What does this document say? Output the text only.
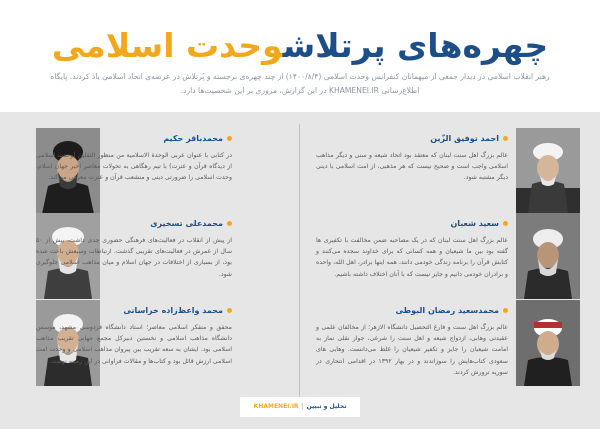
چهره‌های پرتلاشوحدت اسلامی
رهبر انقلاب اسلامی در دیدار جمعی از میهمانان کنفرانس وحدت اسلامی (۱۴۰۰/۸/۴) از چند چهره‌ی برجسته و پُرتلاش در عرصه‌ی اتحاد اسلامی یاد کردند. پایگاه اطلاع‌رسانی KHAMENEI.IR در این گزارش، مروری بر این شخصیت‌ها دارد.
احمد توفیق الزّین
عالم بزرگ اهل سنت لبنان که معتقد بود اتحاد شیعه و سنی و دیگر مذاهب اسلامی واجب است و صحیح نیست که هر مذهبی، از امت اسلامی با دینی دیگر مشتبه شود.
محمدباقر حکیم
در کتابی با عنوان عربی الوحدة الاسلامیة من منظور الثقلین (وحدت اسلامی از دیدگاه قرآن و عترت) با تیم رهگاهی به تحولات معاصر اخیر جهان اسلام، وحدت اسلامی را ضرورتی دینی و منشعب قرآن و عترت معرفی می‌کند.
سعید شعبان
عالم بزرگ اهل سنت لبنان که در یک مصاحبه ضمن مخالفت با تکفیری ها گفته بود بین ما شیعیان و همه کسانی که برای خداوند سجده می‌کنند و کتابش قرآن را برنامه زندگی خودمی دانند، همه اینها برادر، اهل الله، واحده و برادران خودمی دانیم و جایز نیست که با آنان اختلاف داشته باشیم.
محمدعلی تسخیری
از پیش از انقلاب در فعالیت‌های فرهنگی حضوری جدی داشت، بیش از ۵۰ سال از عمرش در فعالیت‌های تقریبی گذشت. ارتباطات وسیعش باعث شده بود، از بسیاری از اختلافات در جهان اسلام و میان مذاهب اسلامی جلوگیری شود.
محمدسعید رمضان البوطی
عالم بزرگ اهل سنت و فارغ التحصیل دانشگاه الازهر؛ از مخالفان علمی و عقیدتی وهابی، ازدواج شیعه و اهل سنت را شرعی، جواز نقلی نماز به امامت شیعیان را جایز و تکفیر شیعیان را غلط می‌دانست. وهابی های سعودی کتاب‌هایش را سوزاندند و در بهار ۱۳۹۲ در اقدامی انتحاری در سوریه ترورش کردند.
محمد واعظ‌زاده خراسانی
محقق و متفکر اسلامی معاصر؛ استاد دانشگاه فردوسی مشهد، موسس دانشگاه مذاهب اسلامی و نخستین دبیرکل مجمع جهانی تقریب مذاهب اسلامی بود. ایشان به سعه تقریب بین پیروان مذاهب اسلامی و وحدت امت اسلامی ارزش قائل بود و کتاب‌ها و مقالات فراوانی در این زمینه نوشت.
تحلیل و تبیین|KHAMENEI.IR
